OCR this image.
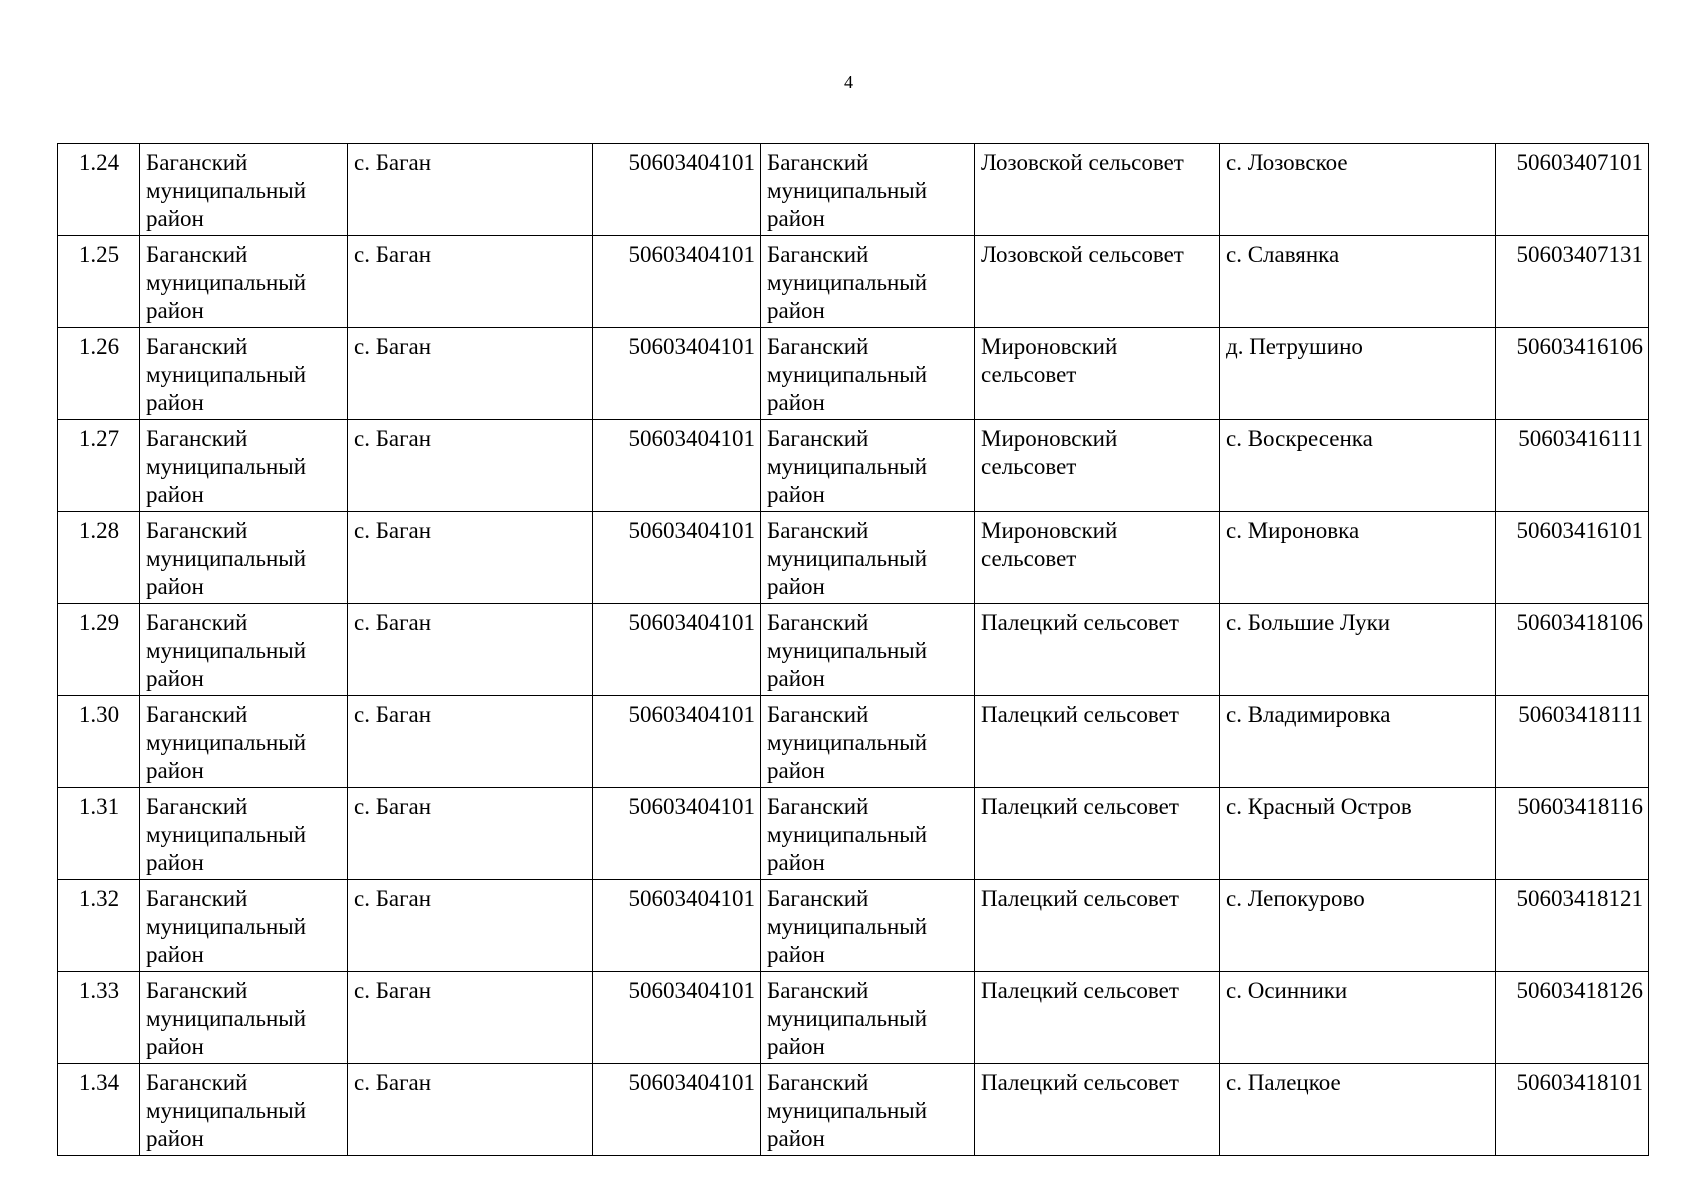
4
1.24	Баганский муниципальный район	с. Баган	50603404101	Баганский муниципальный район	Лозовской сельсовет	с. Лозовское	50603407101
1.25	Баганский муниципальный район	с. Баган	50603404101	Баганский муниципальный район	Лозовской сельсовет	с. Славянка	50603407131
1.26	Баганский муниципальный район	с. Баган	50603404101	Баганский муниципальный район	Мироновский сельсовет	д. Петрушино	50603416106
1.27	Баганский муниципальный район	с. Баган	50603404101	Баганский муниципальный район	Мироновский сельсовет	с. Воскресенка	50603416111
1.28	Баганский муниципальный район	с. Баган	50603404101	Баганский муниципальный район	Мироновский сельсовет	с. Мироновка	50603416101
1.29	Баганский муниципальный район	с. Баган	50603404101	Баганский муниципальный район	Палецкий сельсовет	с. Большие Луки	50603418106
1.30	Баганский муниципальный район	с. Баган	50603404101	Баганский муниципальный район	Палецкий сельсовет	с. Владимировка	50603418111
1.31	Баганский муниципальный район	с. Баган	50603404101	Баганский муниципальный район	Палецкий сельсовет	с. Красный Остров	50603418116
1.32	Баганский муниципальный район	с. Баган	50603404101	Баганский муниципальный район	Палецкий сельсовет	с. Лепокурово	50603418121
1.33	Баганский муниципальный район	с. Баган	50603404101	Баганский муниципальный район	Палецкий сельсовет	с. Осинники	50603418126
1.34	Баганский муниципальный район	с. Баган	50603404101	Баганский муниципальный район	Палецкий сельсовет	с. Палецкое	50603418101
